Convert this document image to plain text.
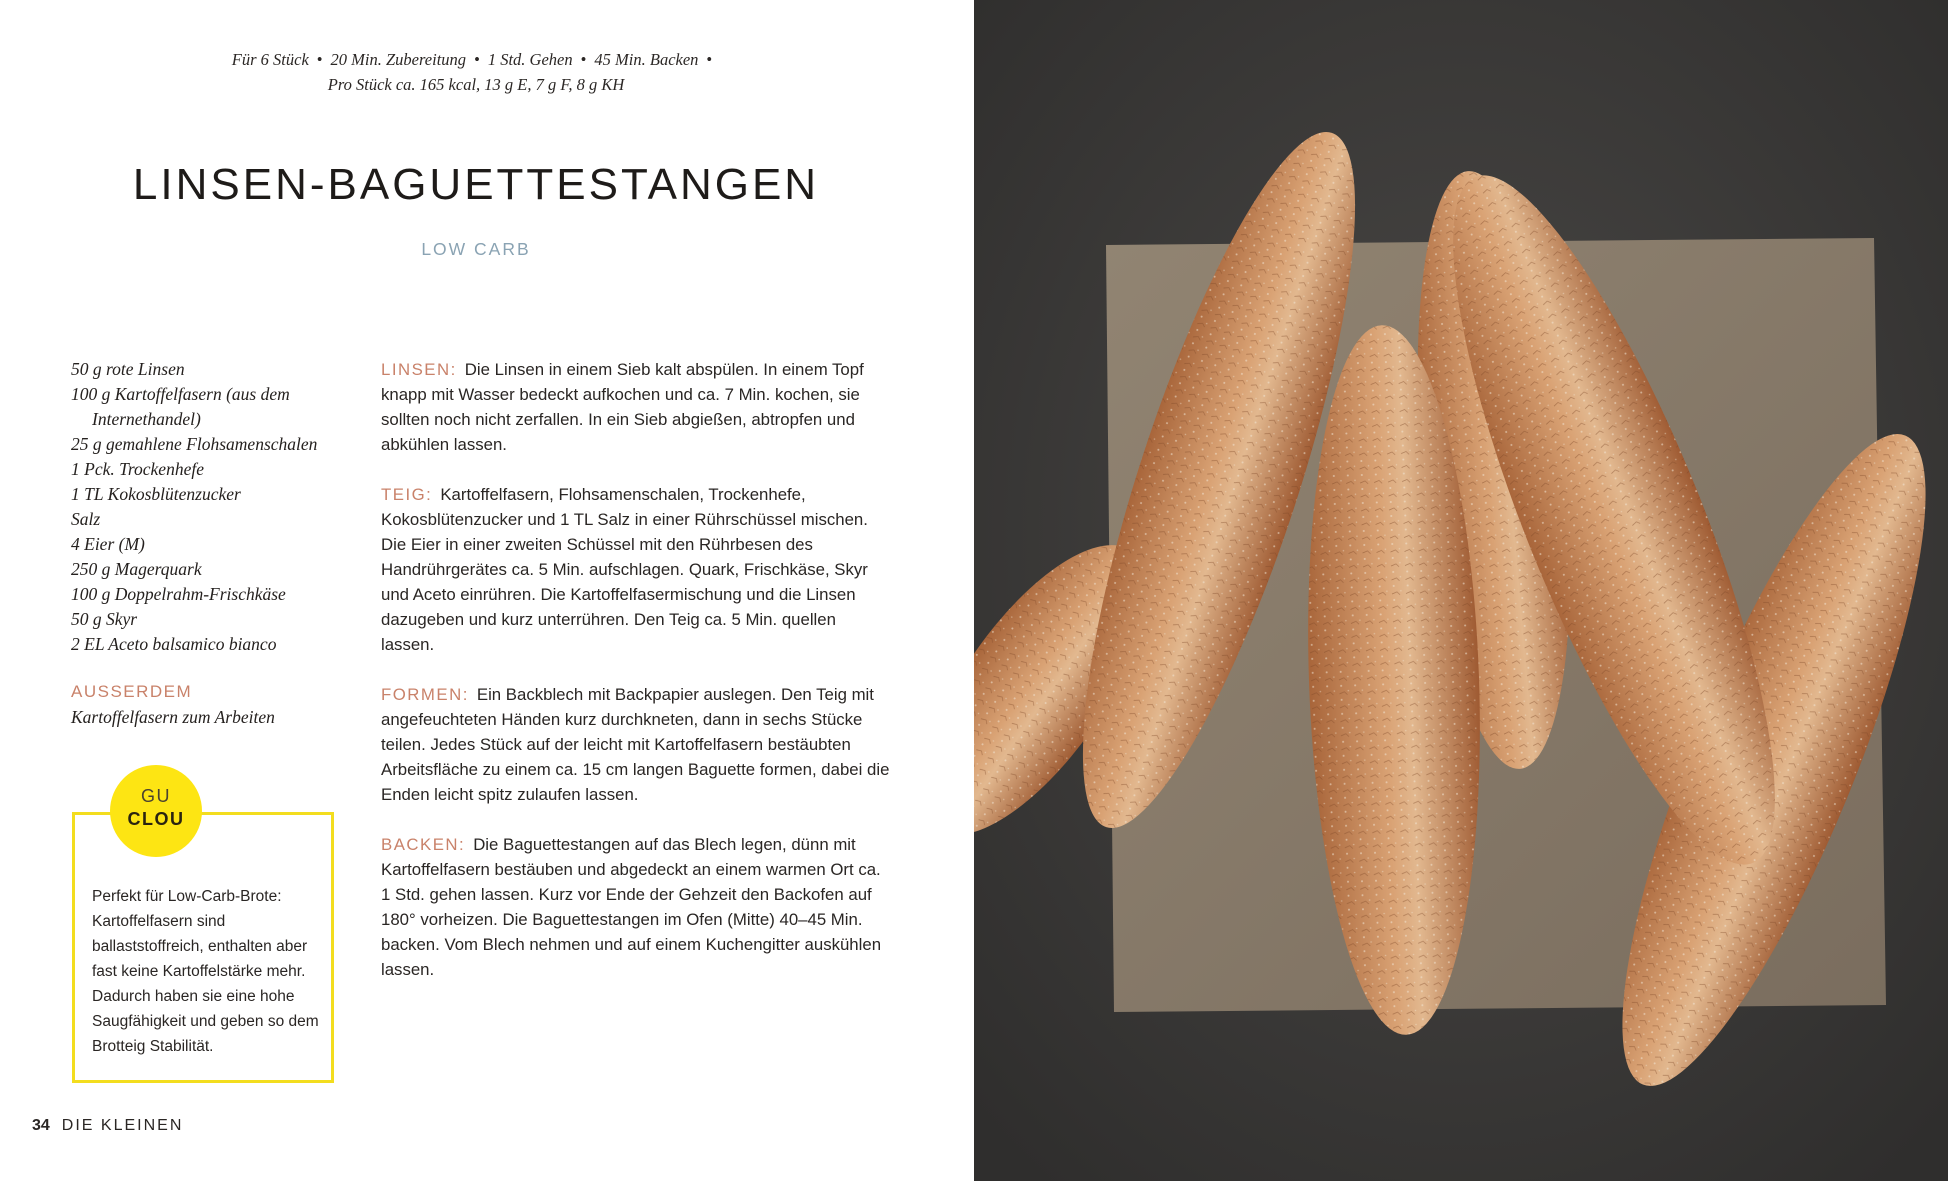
Für 6 Stück • 20 Min. Zubereitung • 1 Std. Gehen • 45 Min. Backen •
Pro Stück ca. 165 kcal, 13 g E, 7 g F, 8 g KH
LINSEN-BAGUETTESTANGEN
LOW CARB
50 g rote Linsen
100 g Kartoffelfasern (aus dem
Internethandel)
25 g gemahlene Flohsamenschalen
1 Pck. Trockenhefe
1 TL Kokosblütenzucker
Salz
4 Eier (M)
250 g Magerquark
100 g Doppelrahm-Frischkäse
50 g Skyr
2 EL Aceto balsamico bianco
AUSSERDEM
Kartoffelfasern zum Arbeiten
GU
CLOU
Perfekt für Low-Carb-Brote: Kartoffelfasern sind ballaststoffreich, enthalten aber fast keine Kartoffelstärke mehr. Dadurch haben sie eine hohe Saugfähigkeit und geben so dem Brotteig Stabilität.

LINSEN: Die Linsen in einem Sieb kalt abspülen. In einem Topf knapp mit Wasser bedeckt aufkochen und ca. 7 Min. kochen, sie sollten noch nicht zerfallen. In ein Sieb abgießen, abtropfen und abkühlen lassen.

TEIG: Kartoffelfasern, Flohsamenschalen, Trockenhefe, Kokosblütenzucker und 1 TL Salz in einer Rührschüssel mischen. Die Eier in einer zweiten Schüssel mit den Rührbesen des Handrührgerätes ca. 5 Min. aufschlagen. Quark, Frischkäse, Skyr und Aceto einrühren. Die Kartoffelfasermischung und die Linsen dazugeben und kurz unterrühren. Den Teig ca. 5 Min. quellen lassen.

FORMEN: Ein Backblech mit Backpapier auslegen. Den Teig mit angefeuchteten Händen kurz durchkneten, dann in sechs Stücke teilen. Jedes Stück auf der leicht mit Kartoffelfasern bestäubten Arbeitsfläche zu einem ca. 15 cm langen Baguette formen, dabei die Enden leicht spitz zulaufen lassen.

BACKEN: Die Baguettestangen auf das Blech legen, dünn mit Kartoffelfasern bestäuben und abgedeckt an einem warmen Ort ca. 1 Std. gehen lassen. Kurz vor Ende der Gehzeit den Backofen auf 180° vorheizen. Die Baguettestangen im Ofen (Mitte) 40–45 Min. backen. Vom Blech nehmen und auf einem Kuchengitter auskühlen lassen.

34 DIE KLEINEN
